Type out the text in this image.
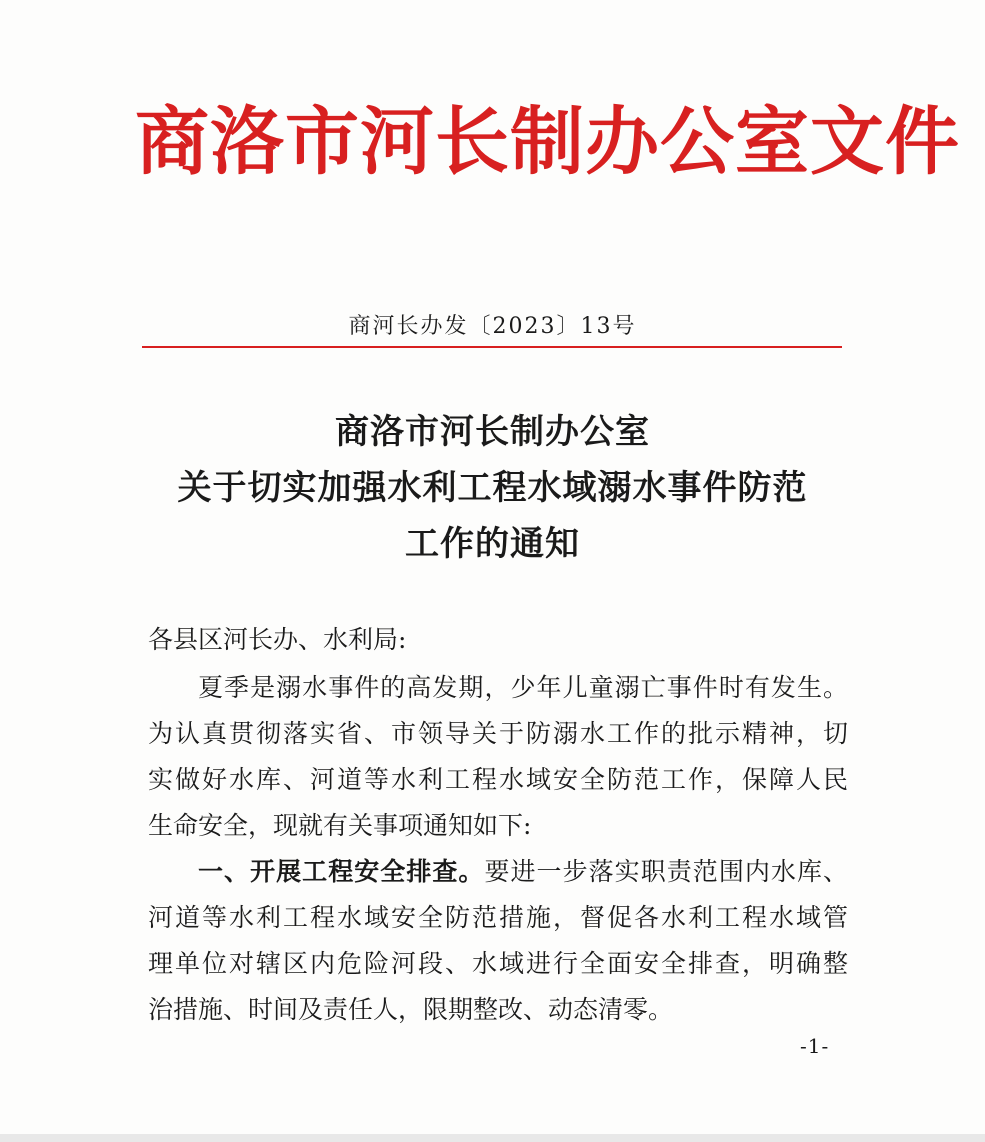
商洛市河长制办公室文件
商河长办发〔2023〕13号
商洛市河长制办公室
关于切实加强水利工程水域溺水事件防范
工作的通知
各县区河长办、水利局:
夏季是溺水事件的高发期，少年儿童溺亡事件时有发生。
为认真贯彻落实省、市领导关于防溺水工作的批示精神，切
实做好水库、河道等水利工程水域安全防范工作，保障人民
生命安全，现就有关事项通知如下:
一、开展工程安全排查。要进一步落实职责范围内水库、
河道等水利工程水域安全防范措施，督促各水利工程水域管
理单位对辖区内危险河段、水域进行全面安全排查，明确整
治措施、时间及责任人，限期整改、动态清零。
-1-
